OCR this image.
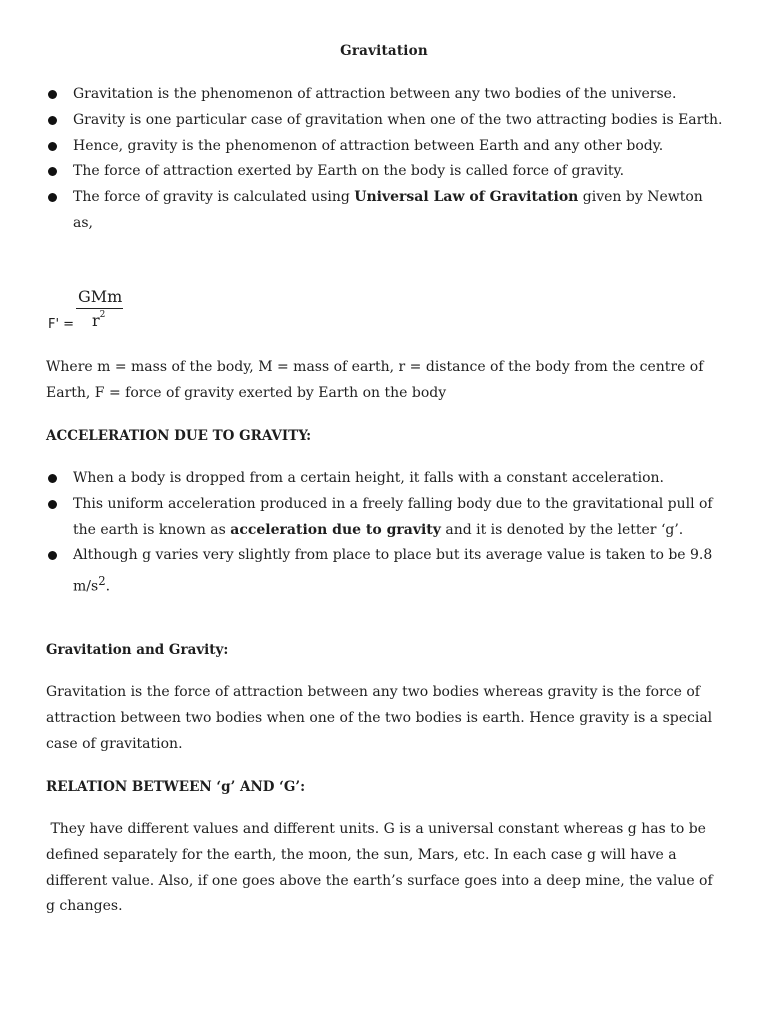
Gravitation
Gravitation is the phenomenon of attraction between any two bodies of the universe.
Gravity is one particular case of gravitation when one of the two attracting bodies is Earth.
Hence, gravity is the phenomenon of attraction between Earth and any other body.
The force of attraction exerted by Earth on the body is called force of gravity.
The force of gravity is calculated using Universal Law of Gravitation given by Newton as,
F' =
GMm
$r^2$

Where m = mass of the body, M = mass of earth, r = distance of the body from the centre of Earth, F = force of gravity exerted by Earth on the body

ACCELERATION DUE TO GRAVITY:

When a body is dropped from a certain height, it falls with a constant acceleration.
This uniform acceleration produced in a freely falling body due to the gravitational pull of the earth is known as acceleration due to gravity and it is denoted by the letter ‘g’.
Although g varies very slightly from place to place but its average value is taken to be 9.8 $m/s^2$.

Gravitation and Gravity:

Gravitation is the force of attraction between any two bodies whereas gravity is the force of attraction between two bodies when one of the two bodies is earth. Hence gravity is a special case of gravitation.

RELATION BETWEEN ‘g’ AND ‘G’:

They have different values and different units. G is a universal constant whereas g has to be defined separately for the earth, the moon, the sun, Mars, etc. In each case g will have a different value. Also, if one goes above the earth’s surface goes into a deep mine, the value of g changes.
